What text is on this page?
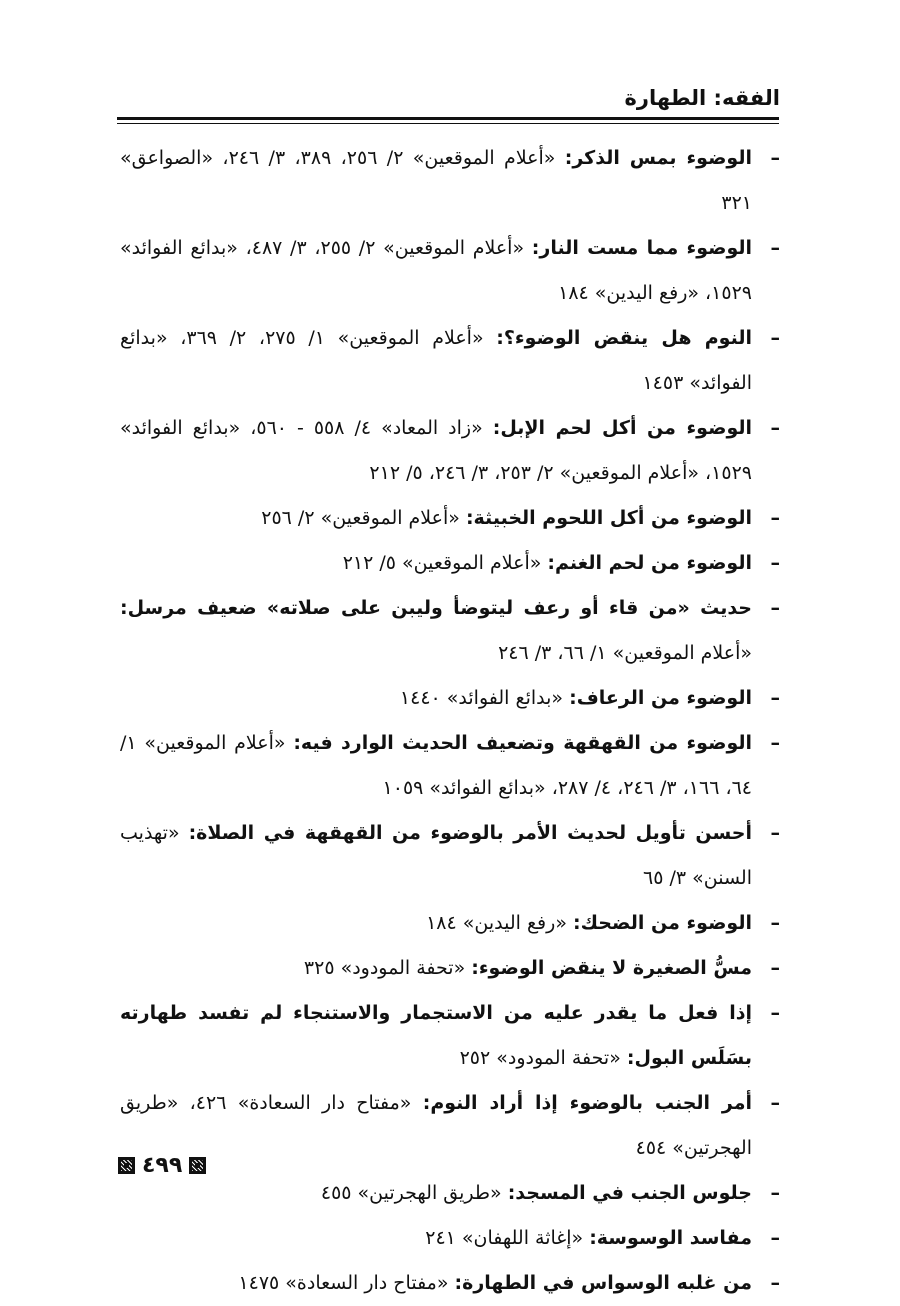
الفقه: الطهارة
–
الوضوء بمس الذكر: «أعلام الموقعين» ٢/ ٢٥٦، ٣٨٩، ٣/ ٢٤٦، «الصواعق» ٣٢١
–
الوضوء مما مست النار: «أعلام الموقعين» ٢/ ٢٥٥، ٣/ ٤٨٧، «بدائع الفوائد» ١٥٢٩، «رفع اليدين» ١٨٤
–
النوم هل ينقض الوضوء؟: «أعلام الموقعين» ١/ ٢٧٥، ٢/ ٣٦٩، «بدائع الفوائد» ١٤٥٣
–
الوضوء من أكل لحم الإبل: «زاد المعاد» ٤/ ٥٥٨ - ٥٦٠، «بدائع الفوائد» ١٥٢٩، «أعلام الموقعين» ٢/ ٢٥٣، ٣/ ٢٤٦، ٥/ ٢١٢
–
الوضوء من أكل اللحوم الخبيثة: «أعلام الموقعين» ٢/ ٢٥٦
–
الوضوء من لحم الغنم: «أعلام الموقعين» ٥/ ٢١٢
–
حديث «من قاء أو رعف ليتوضأ وليبن على صلاته» ضعيف مرسل: «أعلام الموقعين» ١/ ٦٦، ٣/ ٢٤٦
–
الوضوء من الرعاف: «بدائع الفوائد» ١٤٤٠
–
الوضوء من القهقهة وتضعيف الحديث الوارد فيه: «أعلام الموقعين» ١/ ٦٤، ١٦٦، ٣/ ٢٤٦، ٤/ ٢٨٧، «بدائع الفوائد» ١٠٥٩
–
أحسن تأويل لحديث الأمر بالوضوء من القهقهة في الصلاة: «تهذيب السنن» ٣/ ٦٥
–
الوضوء من الضحك: «رفع اليدين» ١٨٤
–
مسُّ الصغيرة لا ينقض الوضوء: «تحفة المودود» ٣٢٥
–
إذا فعل ما يقدر عليه من الاستجمار والاستنجاء لم تفسد طهارته بسَلَس البول: «تحفة المودود» ٢٥٢
–
أمر الجنب بالوضوء إذا أراد النوم: «مفتاح دار السعادة» ٤٢٦، «طريق الهجرتين» ٤٥٤
–
جلوس الجنب في المسجد: «طريق الهجرتين» ٤٥٥
–
مفاسد الوسوسة: «إغاثة اللهفان» ٢٤١
–
من غلبه الوسواس في الطهارة: «مفتاح دار السعادة» ١٤٧٥
٤٩٩
